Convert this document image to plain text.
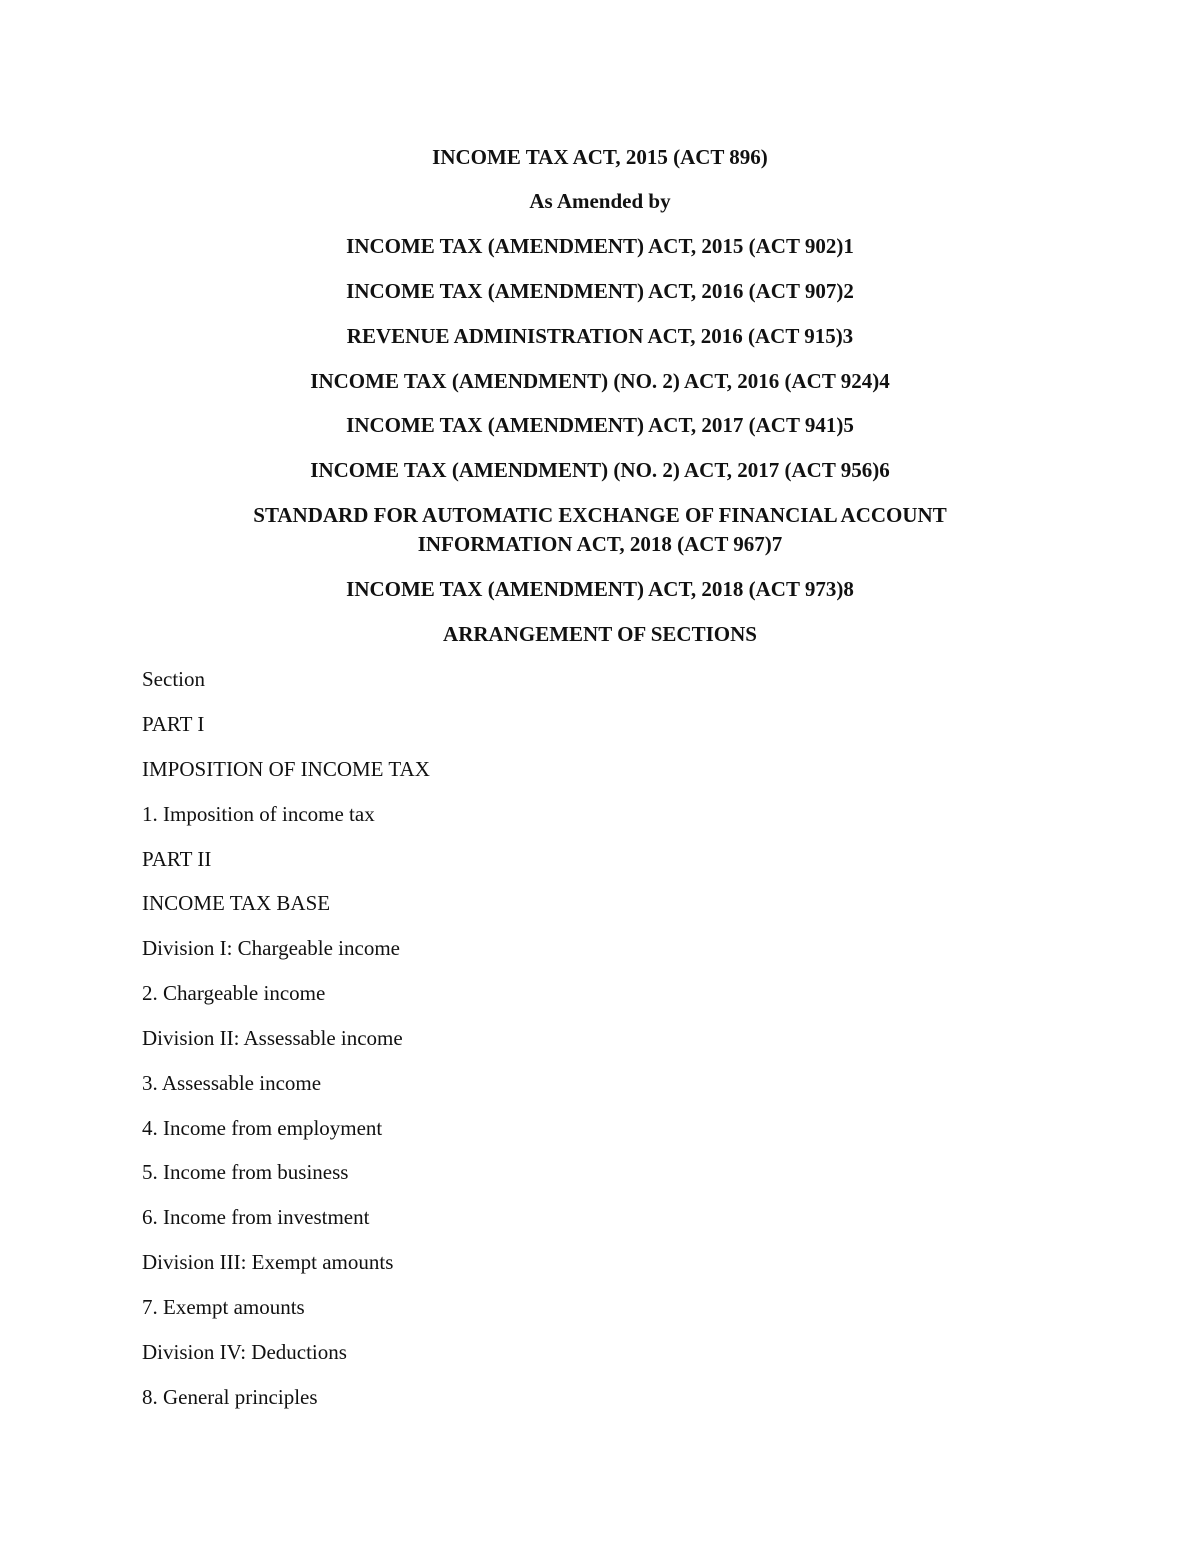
INCOME TAX ACT, 2015 (ACT 896)
As Amended by
INCOME TAX (AMENDMENT) ACT, 2015 (ACT 902)1
INCOME TAX (AMENDMENT) ACT, 2016 (ACT 907)2
REVENUE ADMINISTRATION ACT, 2016 (ACT 915)3
INCOME TAX (AMENDMENT) (NO. 2) ACT, 2016 (ACT 924)4
INCOME TAX (AMENDMENT) ACT, 2017 (ACT 941)5
INCOME TAX (AMENDMENT) (NO. 2) ACT, 2017 (ACT 956)6
STANDARD FOR AUTOMATIC EXCHANGE OF FINANCIAL ACCOUNT
INFORMATION ACT, 2018 (ACT 967)7
INCOME TAX (AMENDMENT) ACT, 2018 (ACT 973)8
ARRANGEMENT OF SECTIONS
Section
PART I
IMPOSITION OF INCOME TAX
1. Imposition of income tax
PART II
INCOME TAX BASE
Division I: Chargeable income
2. Chargeable income
Division II: Assessable income
3. Assessable income
4. Income from employment
5. Income from business
6. Income from investment
Division III: Exempt amounts
7. Exempt amounts
Division IV: Deductions
8. General principles
